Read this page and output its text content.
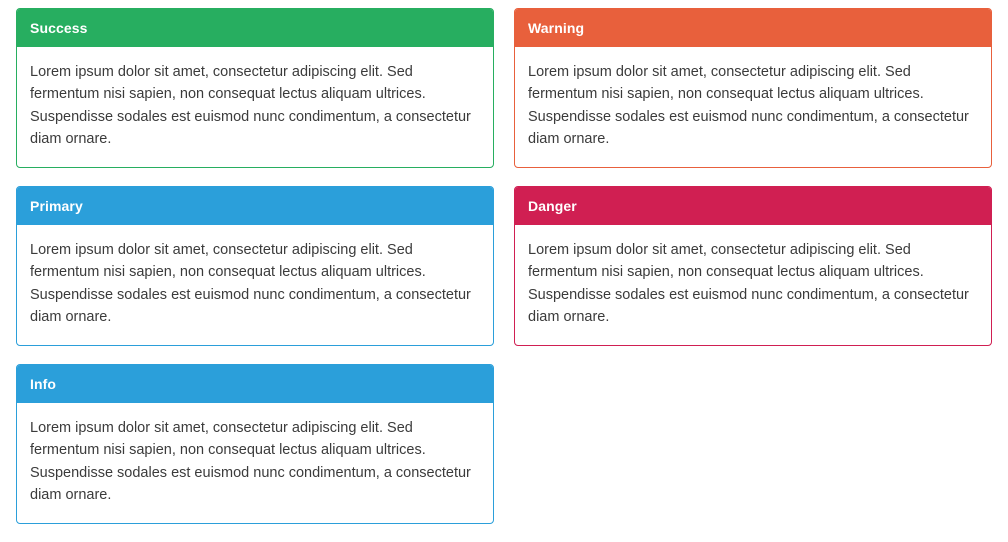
Success
Lorem ipsum dolor sit amet, consectetur adipiscing elit. Sed fermentum nisi sapien, non consequat lectus aliquam ultrices. Suspendisse sodales est euismod nunc condimentum, a consectetur diam ornare.
Primary
Lorem ipsum dolor sit amet, consectetur adipiscing elit. Sed fermentum nisi sapien, non consequat lectus aliquam ultrices. Suspendisse sodales est euismod nunc condimentum, a consectetur diam ornare.
Info
Lorem ipsum dolor sit amet, consectetur adipiscing elit. Sed fermentum nisi sapien, non consequat lectus aliquam ultrices. Suspendisse sodales est euismod nunc condimentum, a consectetur diam ornare.
Warning
Lorem ipsum dolor sit amet, consectetur adipiscing elit. Sed fermentum nisi sapien, non consequat lectus aliquam ultrices. Suspendisse sodales est euismod nunc condimentum, a consectetur diam ornare.
Danger
Lorem ipsum dolor sit amet, consectetur adipiscing elit. Sed fermentum nisi sapien, non consequat lectus aliquam ultrices. Suspendisse sodales est euismod nunc condimentum, a consectetur diam ornare.
